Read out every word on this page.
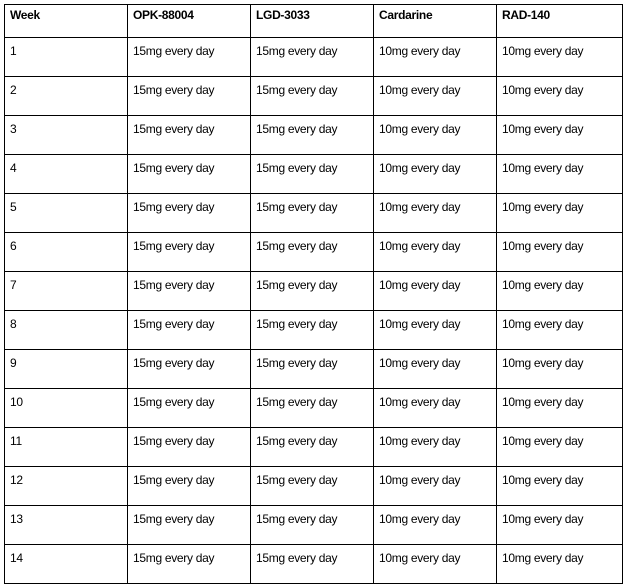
Week	OPK-88004	LGD-3033	Cardarine	RAD-140
1	15mg every day	15mg every day	10mg every day	10mg every day
2	15mg every day	15mg every day	10mg every day	10mg every day
3	15mg every day	15mg every day	10mg every day	10mg every day
4	15mg every day	15mg every day	10mg every day	10mg every day
5	15mg every day	15mg every day	10mg every day	10mg every day
6	15mg every day	15mg every day	10mg every day	10mg every day
7	15mg every day	15mg every day	10mg every day	10mg every day
8	15mg every day	15mg every day	10mg every day	10mg every day
9	15mg every day	15mg every day	10mg every day	10mg every day
10	15mg every day	15mg every day	10mg every day	10mg every day
11	15mg every day	15mg every day	10mg every day	10mg every day
12	15mg every day	15mg every day	10mg every day	10mg every day
13	15mg every day	15mg every day	10mg every day	10mg every day
14	15mg every day	15mg every day	10mg every day	10mg every day
